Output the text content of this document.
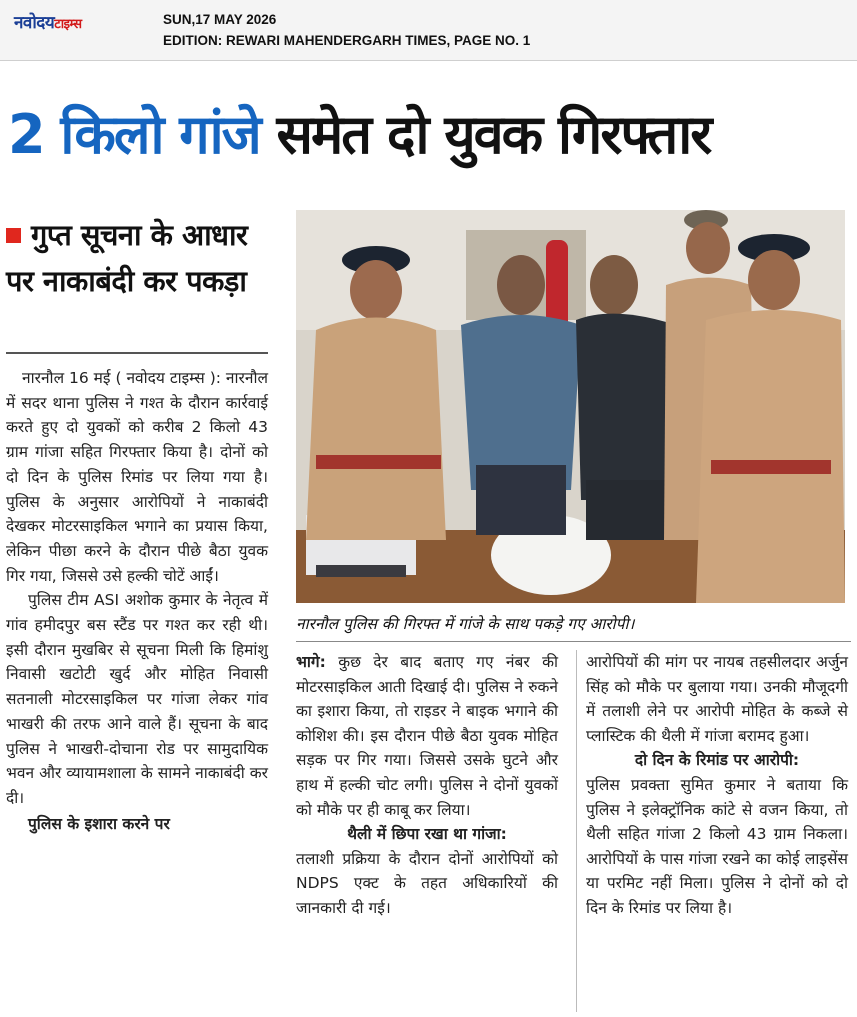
नवोदयटाइम्स	SUN,17 MAY 2026
EDITION: REWARI MAHENDERGARH TIMES, PAGE NO. 1
2 किलो गांजे समेत दो युवक गिरफ्तार
गुप्त सूचना के आधार पर नाकाबंदी कर पकड़ा

नारनौल 16 मई ( नवोदय टाइम्स ): नारनौल में सदर थाना पुलिस ने गश्त के दौरान कार्रवाई करते हुए दो युवकों को करीब 2 किलो 43 ग्राम गांजा सहित गिरफ्तार किया है। दोनों को दो दिन के पुलिस रिमांड पर लिया गया है। पुलिस के अनुसार आरोपियों ने नाकाबंदी देखकर मोटरसाइकिल भगाने का प्रयास किया, लेकिन पीछा करने के दौरान पीछे बैठा युवक गिर गया, जिससे उसे हल्की चोटें आईं।

पुलिस टीम ASI अशोक कुमार के नेतृत्व में गांव हमीदपुर बस स्टैंड पर गश्त कर रही थी। इसी दौरान मुखबिर से सूचना मिली कि हिमांशु निवासी खटोटी खुर्द और मोहित निवासी सतनाली मोटरसाइकिल पर गांजा लेकर गांव भाखरी की तरफ आने वाले हैं। सूचना के बाद पुलिस ने भाखरी-दोचाना रोड पर सामुदायिक भवन और व्यायामशाला के सामने नाकाबंदी कर दी।

पुलिस के इशारा करने पर
नारनौल पुलिस की गिरफ्त में गांजे के साथ पकड़े गए आरोपी।

भागे: कुछ देर बाद बताए गए नंबर की मोटरसाइकिल आती दिखाई दी। पुलिस ने रुकने का इशारा किया, तो राइडर ने बाइक भगाने की कोशिश की। इस दौरान पीछे बैठा युवक मोहित सड़क पर गिर गया। जिससे उसके घुटने और हाथ में हल्की चोट लगी। पुलिस ने दोनों युवकों को मौके पर ही काबू कर लिया।

थैली में छिपा रखा था गांजा:

तलाशी प्रक्रिया के दौरान दोनों आरोपियों को NDPS एक्ट के तहत अधिकारियों की जानकारी दी गई।

आरोपियों की मांग पर नायब तहसीलदार अर्जुन सिंह को मौके पर बुलाया गया। उनकी मौजूदगी में तलाशी लेने पर आरोपी मोहित के कब्जे से प्लास्टिक की थैली में गांजा बरामद हुआ।

दो दिन के रिमांड पर आरोपी:

पुलिस प्रवक्ता सुमित कुमार ने बताया कि पुलिस ने इलेक्ट्रॉनिक कांटे से वजन किया, तो थैली सहित गांजा 2 किलो 43 ग्राम निकला। आरोपियों के पास गांजा रखने का कोई लाइसेंस या परमिट नहीं मिला। पुलिस ने दोनों को दो दिन के रिमांड पर लिया है।
